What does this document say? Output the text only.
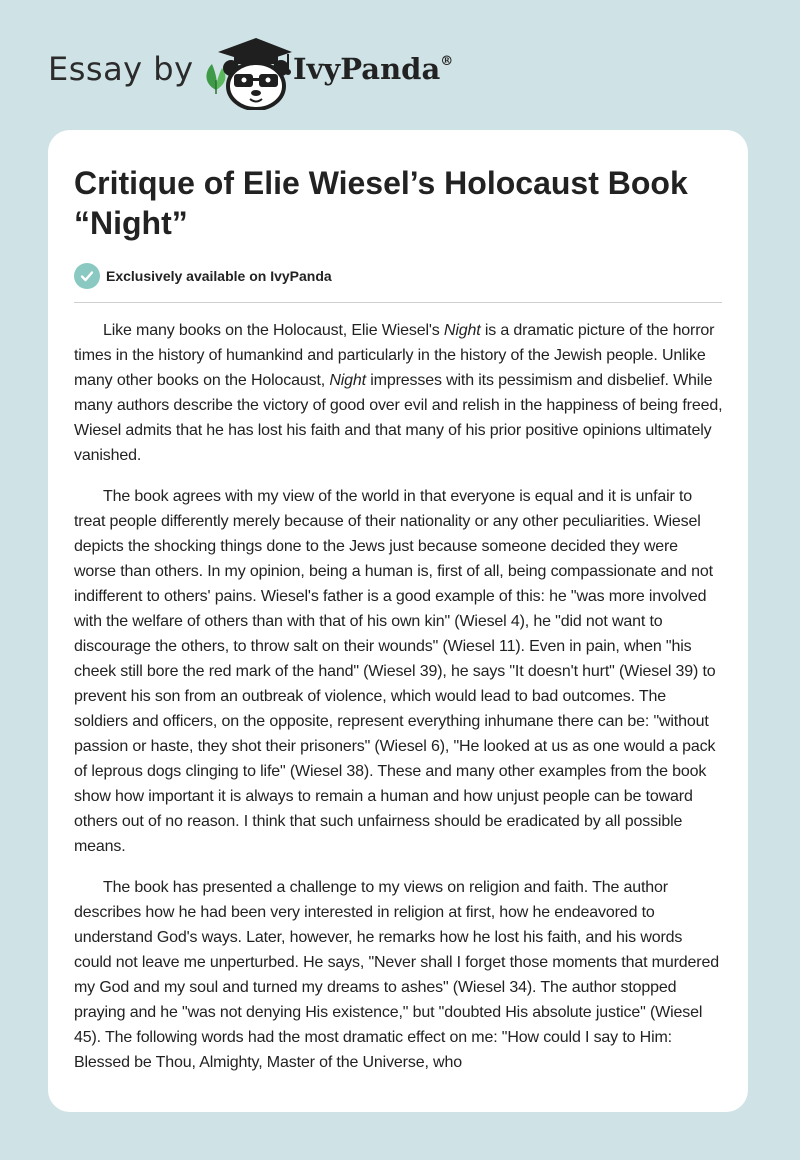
Essay by	IvyPanda®
Critique of Elie Wiesel’s Holocaust Book “Night”
Exclusively available on IvyPanda

Like many books on the Holocaust, Elie Wiesel's Night is a dramatic picture of the horror times in the history of humankind and particularly in the history of the Jewish people. Unlike many other books on the Holocaust, Night impresses with its pessimism and disbelief. While many authors describe the victory of good over evil and relish in the happiness of being freed, Wiesel admits that he has lost his faith and that many of his prior positive opinions ultimately vanished.

The book agrees with my view of the world in that everyone is equal and it is unfair to treat people differently merely because of their nationality or any other peculiarities. Wiesel depicts the shocking things done to the Jews just because someone decided they were worse than others. In my opinion, being a human is, first of all, being compassionate and not indifferent to others' pains. Wiesel's father is a good example of this: he "was more involved with the welfare of others than with that of his own kin" (Wiesel 4), he "did not want to discourage the others, to throw salt on their wounds" (Wiesel 11). Even in pain, when "his cheek still bore the red mark of the hand" (Wiesel 39), he says "It doesn't hurt" (Wiesel 39) to prevent his son from an outbreak of violence, which would lead to bad outcomes. The soldiers and officers, on the opposite, represent everything inhumane there can be: "without passion or haste, they shot their prisoners" (Wiesel 6), "He looked at us as one would a pack of leprous dogs clinging to life" (Wiesel 38). These and many other examples from the book show how important it is always to remain a human and how unjust people can be toward others out of no reason. I think that such unfairness should be eradicated by all possible means.

The book has presented a challenge to my views on religion and faith. The author describes how he had been very interested in religion at first, how he endeavored to understand God's ways. Later, however, he remarks how he lost his faith, and his words could not leave me unperturbed. He says, "Never shall I forget those moments that murdered my God and my soul and turned my dreams to ashes" (Wiesel 34). The author stopped praying and he "was not denying His existence," but "doubted His absolute justice" (Wiesel 45). The following words had the most dramatic effect on me: "How could I say to Him: Blessed be Thou, Almighty, Master of the Universe, who
